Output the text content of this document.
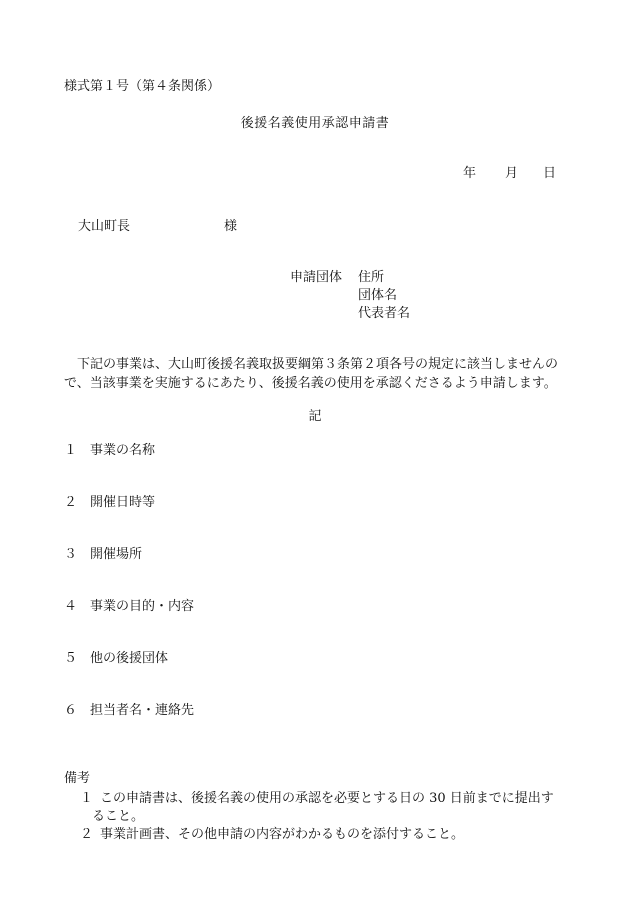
様式第１号（第４条関係）
後援名義使用承認申請書
年 月 日
大山町長	様
申請団体 住所
団体名
代表者名

下記の事業は、大山町後援名義取扱要綱第３条第２項各号の規定に該当しませんの

で、当該事業を実施するにあたり、後援名義の使用を承認くださるよう申請します。

記
１ 事業の名称
２ 開催日時等
３ 開催場所
４ 事業の目的・内容
５ 他の後援団体
６ 担当者名・連絡先
備考
１ この申請書は、後援名義の使用の承認を必要とする日の 30 日前までに提出す
ること。
２ 事業計画書、その他申請の内容がわかるものを添付すること。
